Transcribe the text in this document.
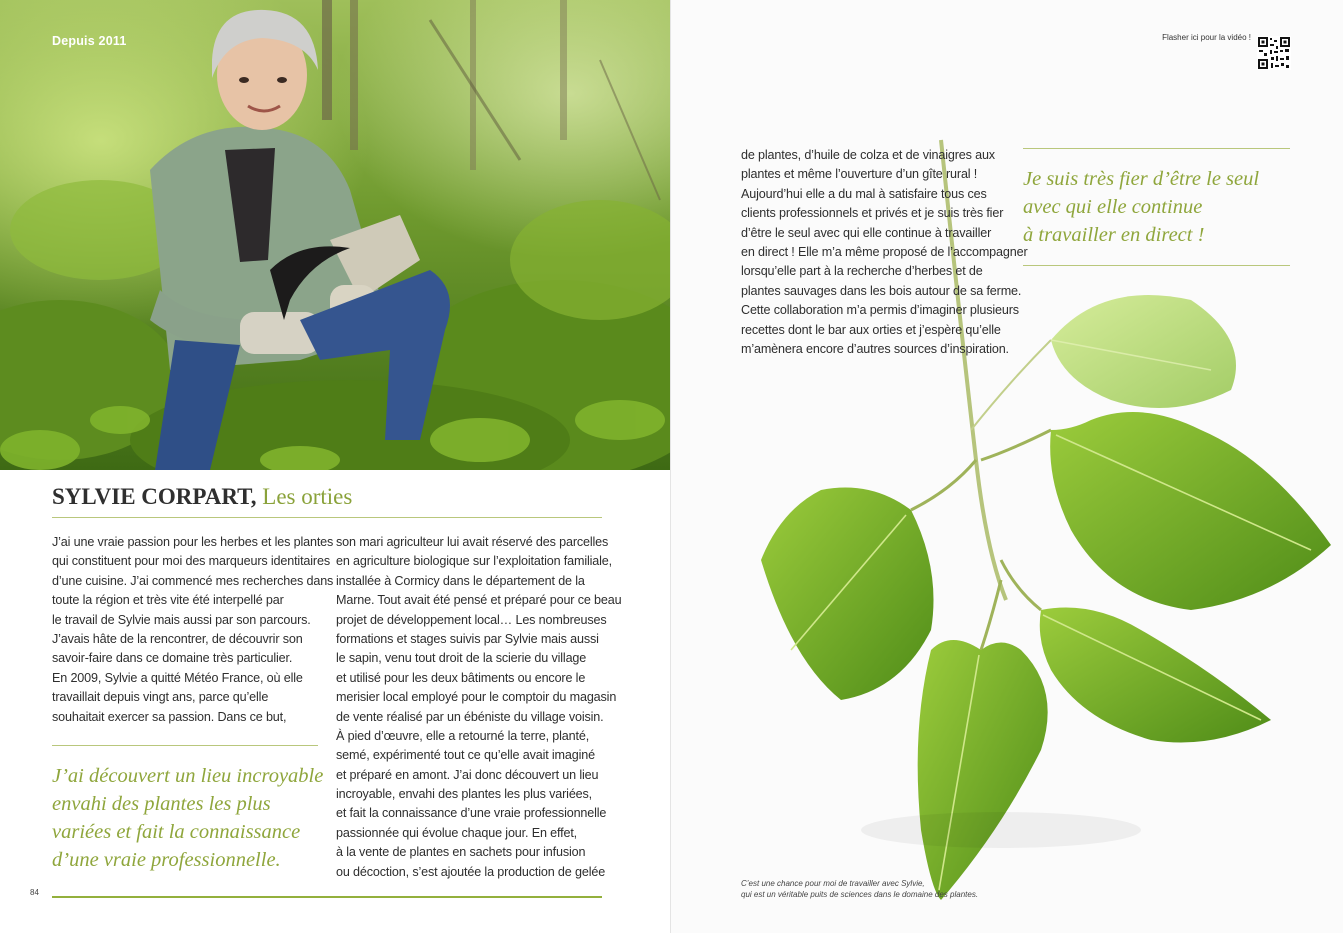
Depuis 2011
SYLVIE CORPART, Les orties
J’ai une vraie passion pour les herbes et les plantes
qui constituent pour moi des marqueurs identitaires
d’une cuisine. J’ai commencé mes recherches dans
toute la région et très vite été interpellé par
le travail de Sylvie mais aussi par son parcours.
J’avais hâte de la rencontrer, de découvrir son
savoir-faire dans ce domaine très particulier.
En 2009, Sylvie a quitté Météo France, où elle
travaillait depuis vingt ans, parce qu’elle
souhaitait exercer sa passion. Dans ce but,
J’ai découvert un lieu incroyable
envahi des plantes les plus
variées et fait la connaissance
d’une vraie professionnelle.
son mari agriculteur lui avait réservé des parcelles
en agriculture biologique sur l’exploitation familiale,
installée à Cormicy dans le département de la
Marne. Tout avait été pensé et préparé pour ce beau
projet de développement local… Les nombreuses
formations et stages suivis par Sylvie mais aussi
le sapin, venu tout droit de la scierie du village
et utilisé pour les deux bâtiments ou encore le
merisier local employé pour le comptoir du magasin
de vente réalisé par un ébéniste du village voisin.
À pied d’œuvre, elle a retourné la terre, planté,
semé, expérimenté tout ce qu’elle avait imaginé
et préparé en amont. J’ai donc découvert un lieu
incroyable, envahi des plantes les plus variées,
et fait la connaissance d’une vraie professionnelle
passionnée qui évolue chaque jour. En effet,
à la vente de plantes en sachets pour infusion
ou décoction, s’est ajoutée la production de gelée
84
Flasher ici pour la vidéo !
de plantes, d’huile de colza et de vinaigres aux
plantes et même l’ouverture d’un gîte rural !
Aujourd’hui elle a du mal à satisfaire tous ces
clients professionnels et privés et je suis très fier
d’être le seul avec qui elle continue à travailler
en direct ! Elle m’a même proposé de l’accompagner
lorsqu’elle part à la recherche d’herbes et de
plantes sauvages dans les bois autour de sa ferme.
Cette collaboration m’a permis d’imaginer plusieurs
recettes dont le bar aux orties et j’espère qu’elle
m’amènera encore d’autres sources d’inspiration.
Je suis très fier d’être le seul
avec qui elle continue
à travailler en direct !
C’est une chance pour moi de travailler avec Sylvie,
qui est un véritable puits de sciences dans le domaine des plantes.
